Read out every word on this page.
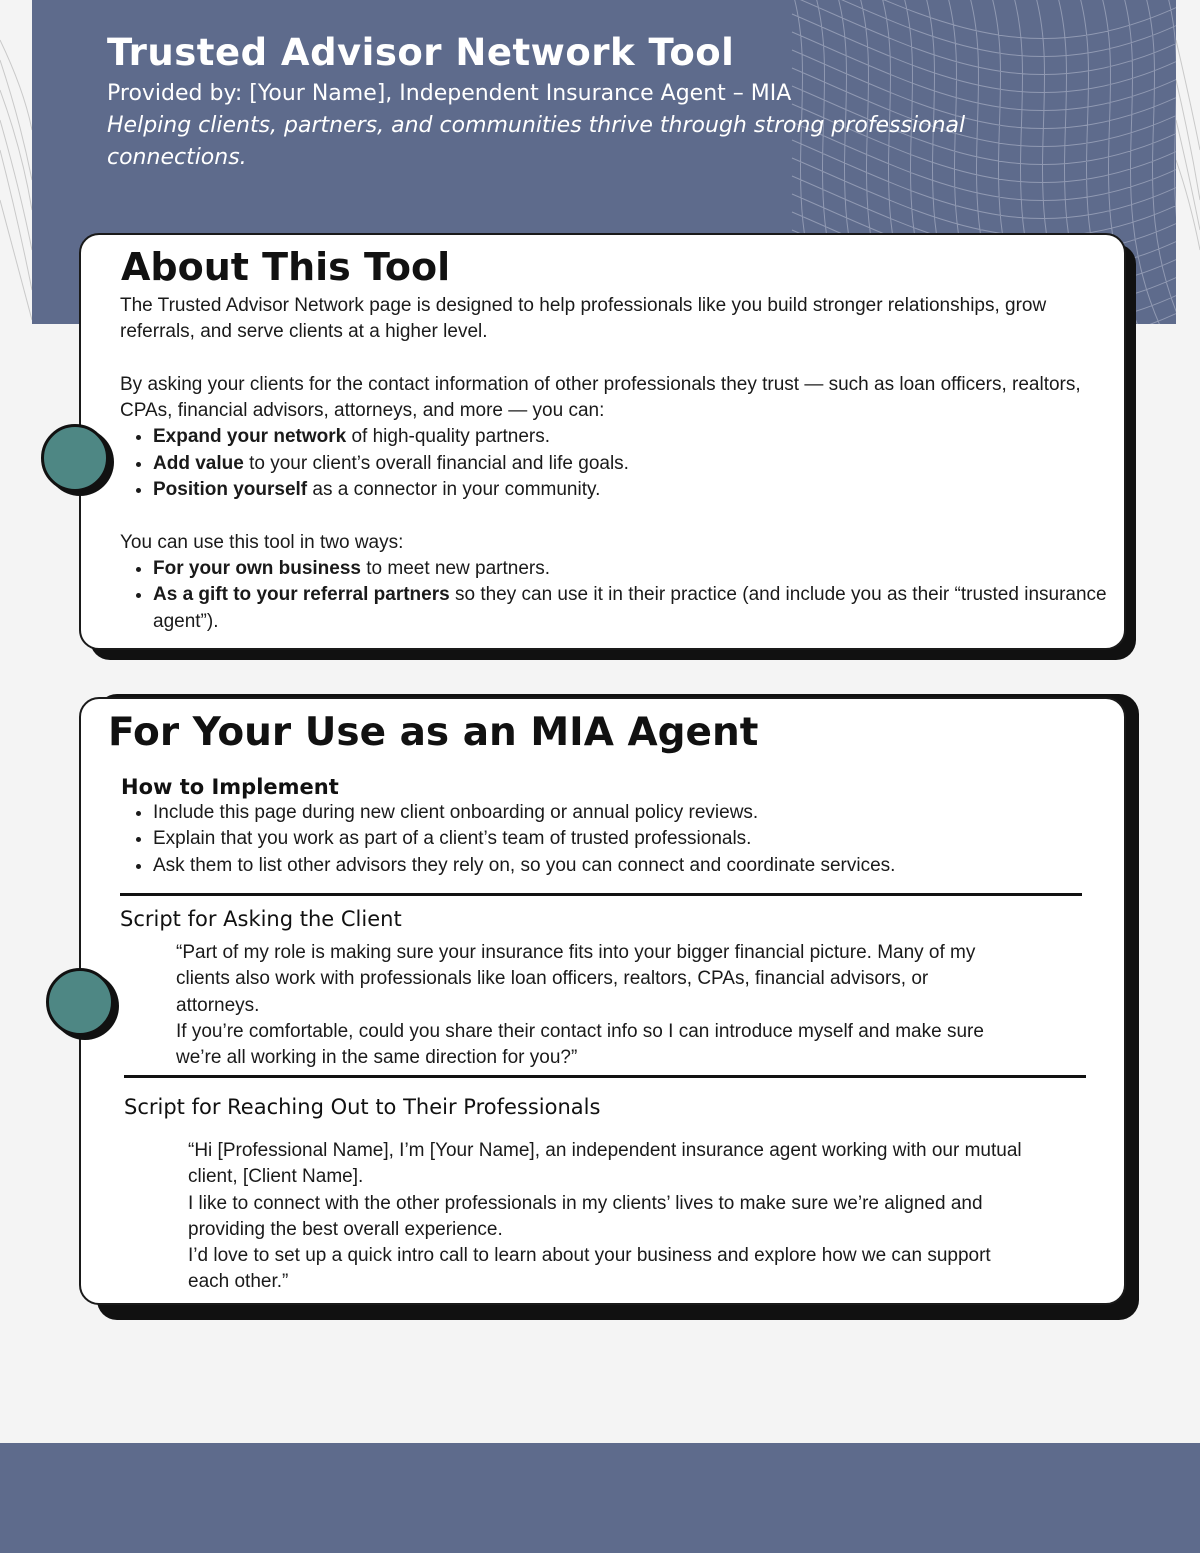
Trusted Advisor Network Tool
Provided by: [Your Name], Independent Insurance Agent – MIA
Helping clients, partners, and communities thrive through strong professional connections.
About This Tool

The Trusted Advisor Network page is designed to help professionals like you build stronger relationships, grow referrals, and serve clients at a higher level.

By asking your clients for the contact information of other professionals they trust — such as loan officers, realtors, CPAs, financial advisors, attorneys, and more — you can:

• Expand your network of high-quality partners.
• Add value to your client’s overall financial and life goals.
• Position yourself as a connector in your community.

You can use this tool in two ways:

• For your own business to meet new partners.
• As a gift to your referral partners so they can use it in their practice (and include you as their “trusted insurance agent”).
For Your Use as an MIA Agent
How to Implement
• Include this page during new client onboarding or annual policy reviews.
• Explain that you work as part of a client’s team of trusted professionals.
• Ask them to list other advisors they rely on, so you can connect and coordinate services.
Script for Asking the Client

“Part of my role is making sure your insurance fits into your bigger financial picture. Many of my clients also work with professionals like loan officers, realtors, CPAs, financial advisors, or attorneys.

If you’re comfortable, could you share their contact info so I can introduce myself and make sure we’re all working in the same direction for you?”

Script for Reaching Out to Their Professionals

“Hi [Professional Name], I’m [Your Name], an independent insurance agent working with our mutual client, [Client Name].

I like to connect with the other professionals in my clients’ lives to make sure we’re aligned and providing the best overall experience.

I’d love to set up a quick intro call to learn about your business and explore how we can support each other.”
